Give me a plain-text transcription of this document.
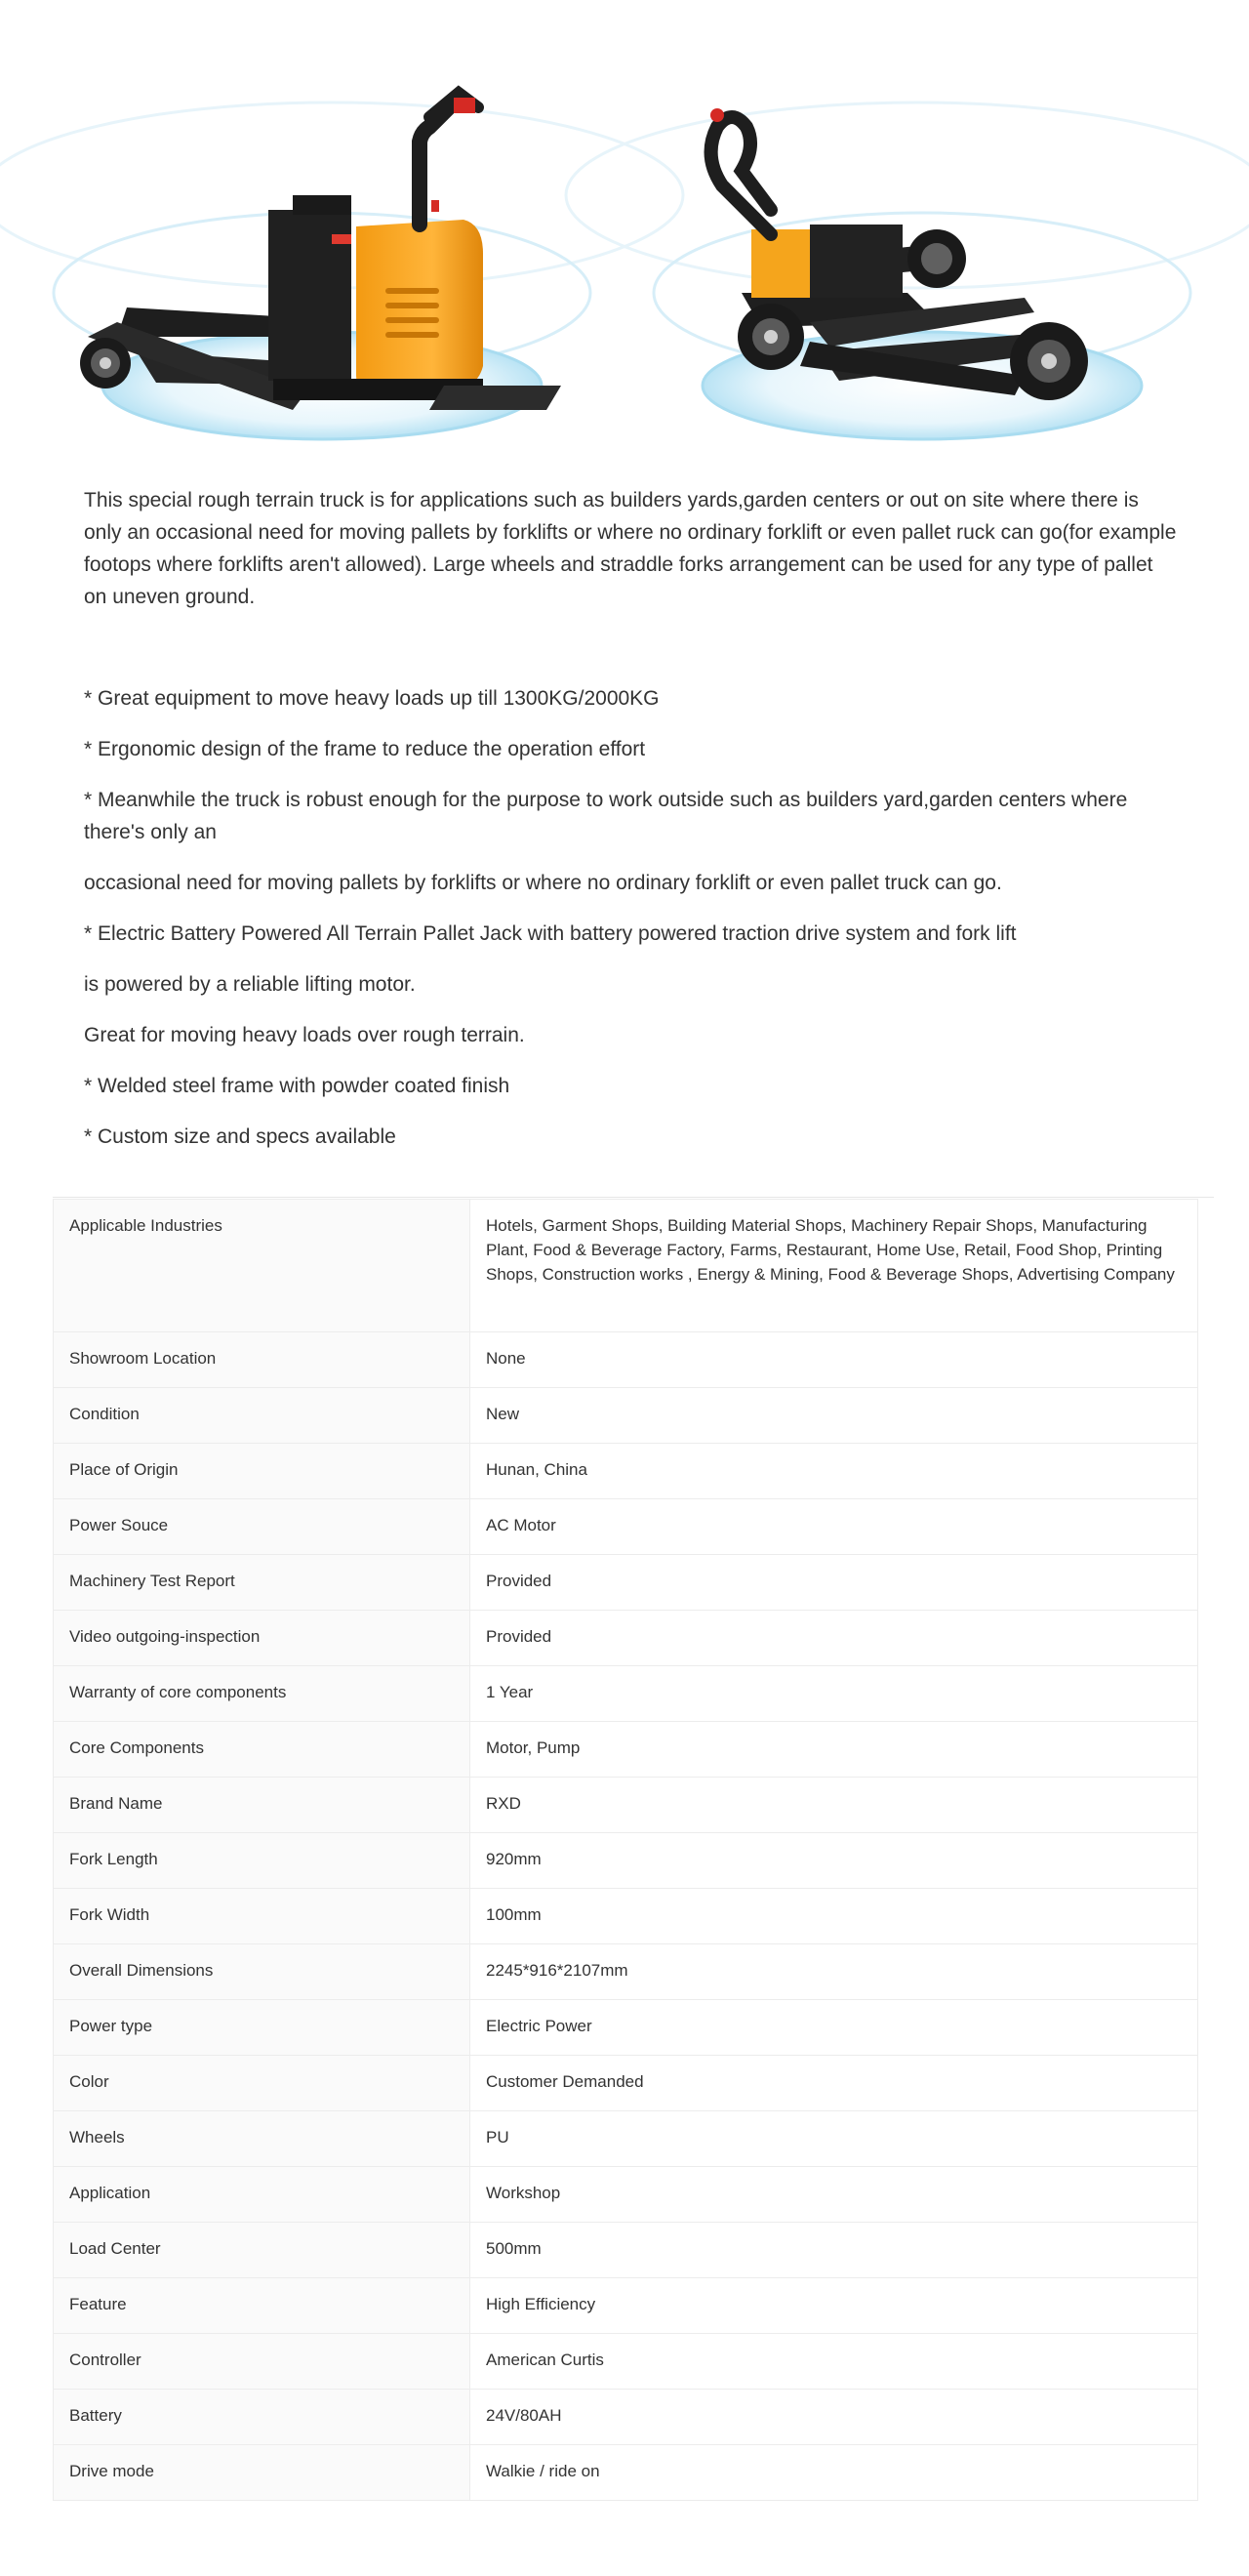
This special rough terrain truck is for applications such as builders yards,garden centers or out on site where there is only an occasional need for moving pallets by forklifts or where no ordinary forklift or even pallet ruck can go(for example footops where forklifts aren't allowed). Large wheels and straddle forks arrangement can be used for any type of pallet on uneven ground.

* Great equipment to move heavy loads up till 1300KG/2000KG

* Ergonomic design of the frame to reduce the operation effort

* Meanwhile the truck is robust enough for the purpose to work outside such as builders yard,garden centers where there's only an

occasional need for moving pallets by forklifts or where no ordinary forklift or even pallet truck can go.

* Electric Battery Powered All Terrain Pallet Jack with battery powered traction drive system and fork lift

is powered by a reliable lifting motor.

Great for moving heavy loads over rough terrain.

* Welded steel frame with powder coated finish

* Custom size and specs available

Applicable Industries	Hotels, Garment Shops, Building Material Shops, Machinery Repair Shops, Manufacturing Plant, Food & Beverage Factory, Farms, Restaurant, Home Use, Retail, Food Shop, Printing Shops, Construction works , Energy & Mining, Food & Beverage Shops, Advertising Company
Showroom Location	None
Condition	New
Place of Origin	Hunan, China
Power Souce	AC Motor
Machinery Test Report	Provided
Video outgoing-inspection	Provided
Warranty of core components	1 Year
Core Components	Motor, Pump
Brand Name	RXD
Fork Length	920mm
Fork Width	100mm
Overall Dimensions	2245*916*2107mm
Power type	Electric Power
Color	Customer Demanded
Wheels	PU
Application	Workshop
Load Center	500mm
Feature	High Efficiency
Controller	American Curtis
Battery	24V/80AH
Drive mode	Walkie / ride on
